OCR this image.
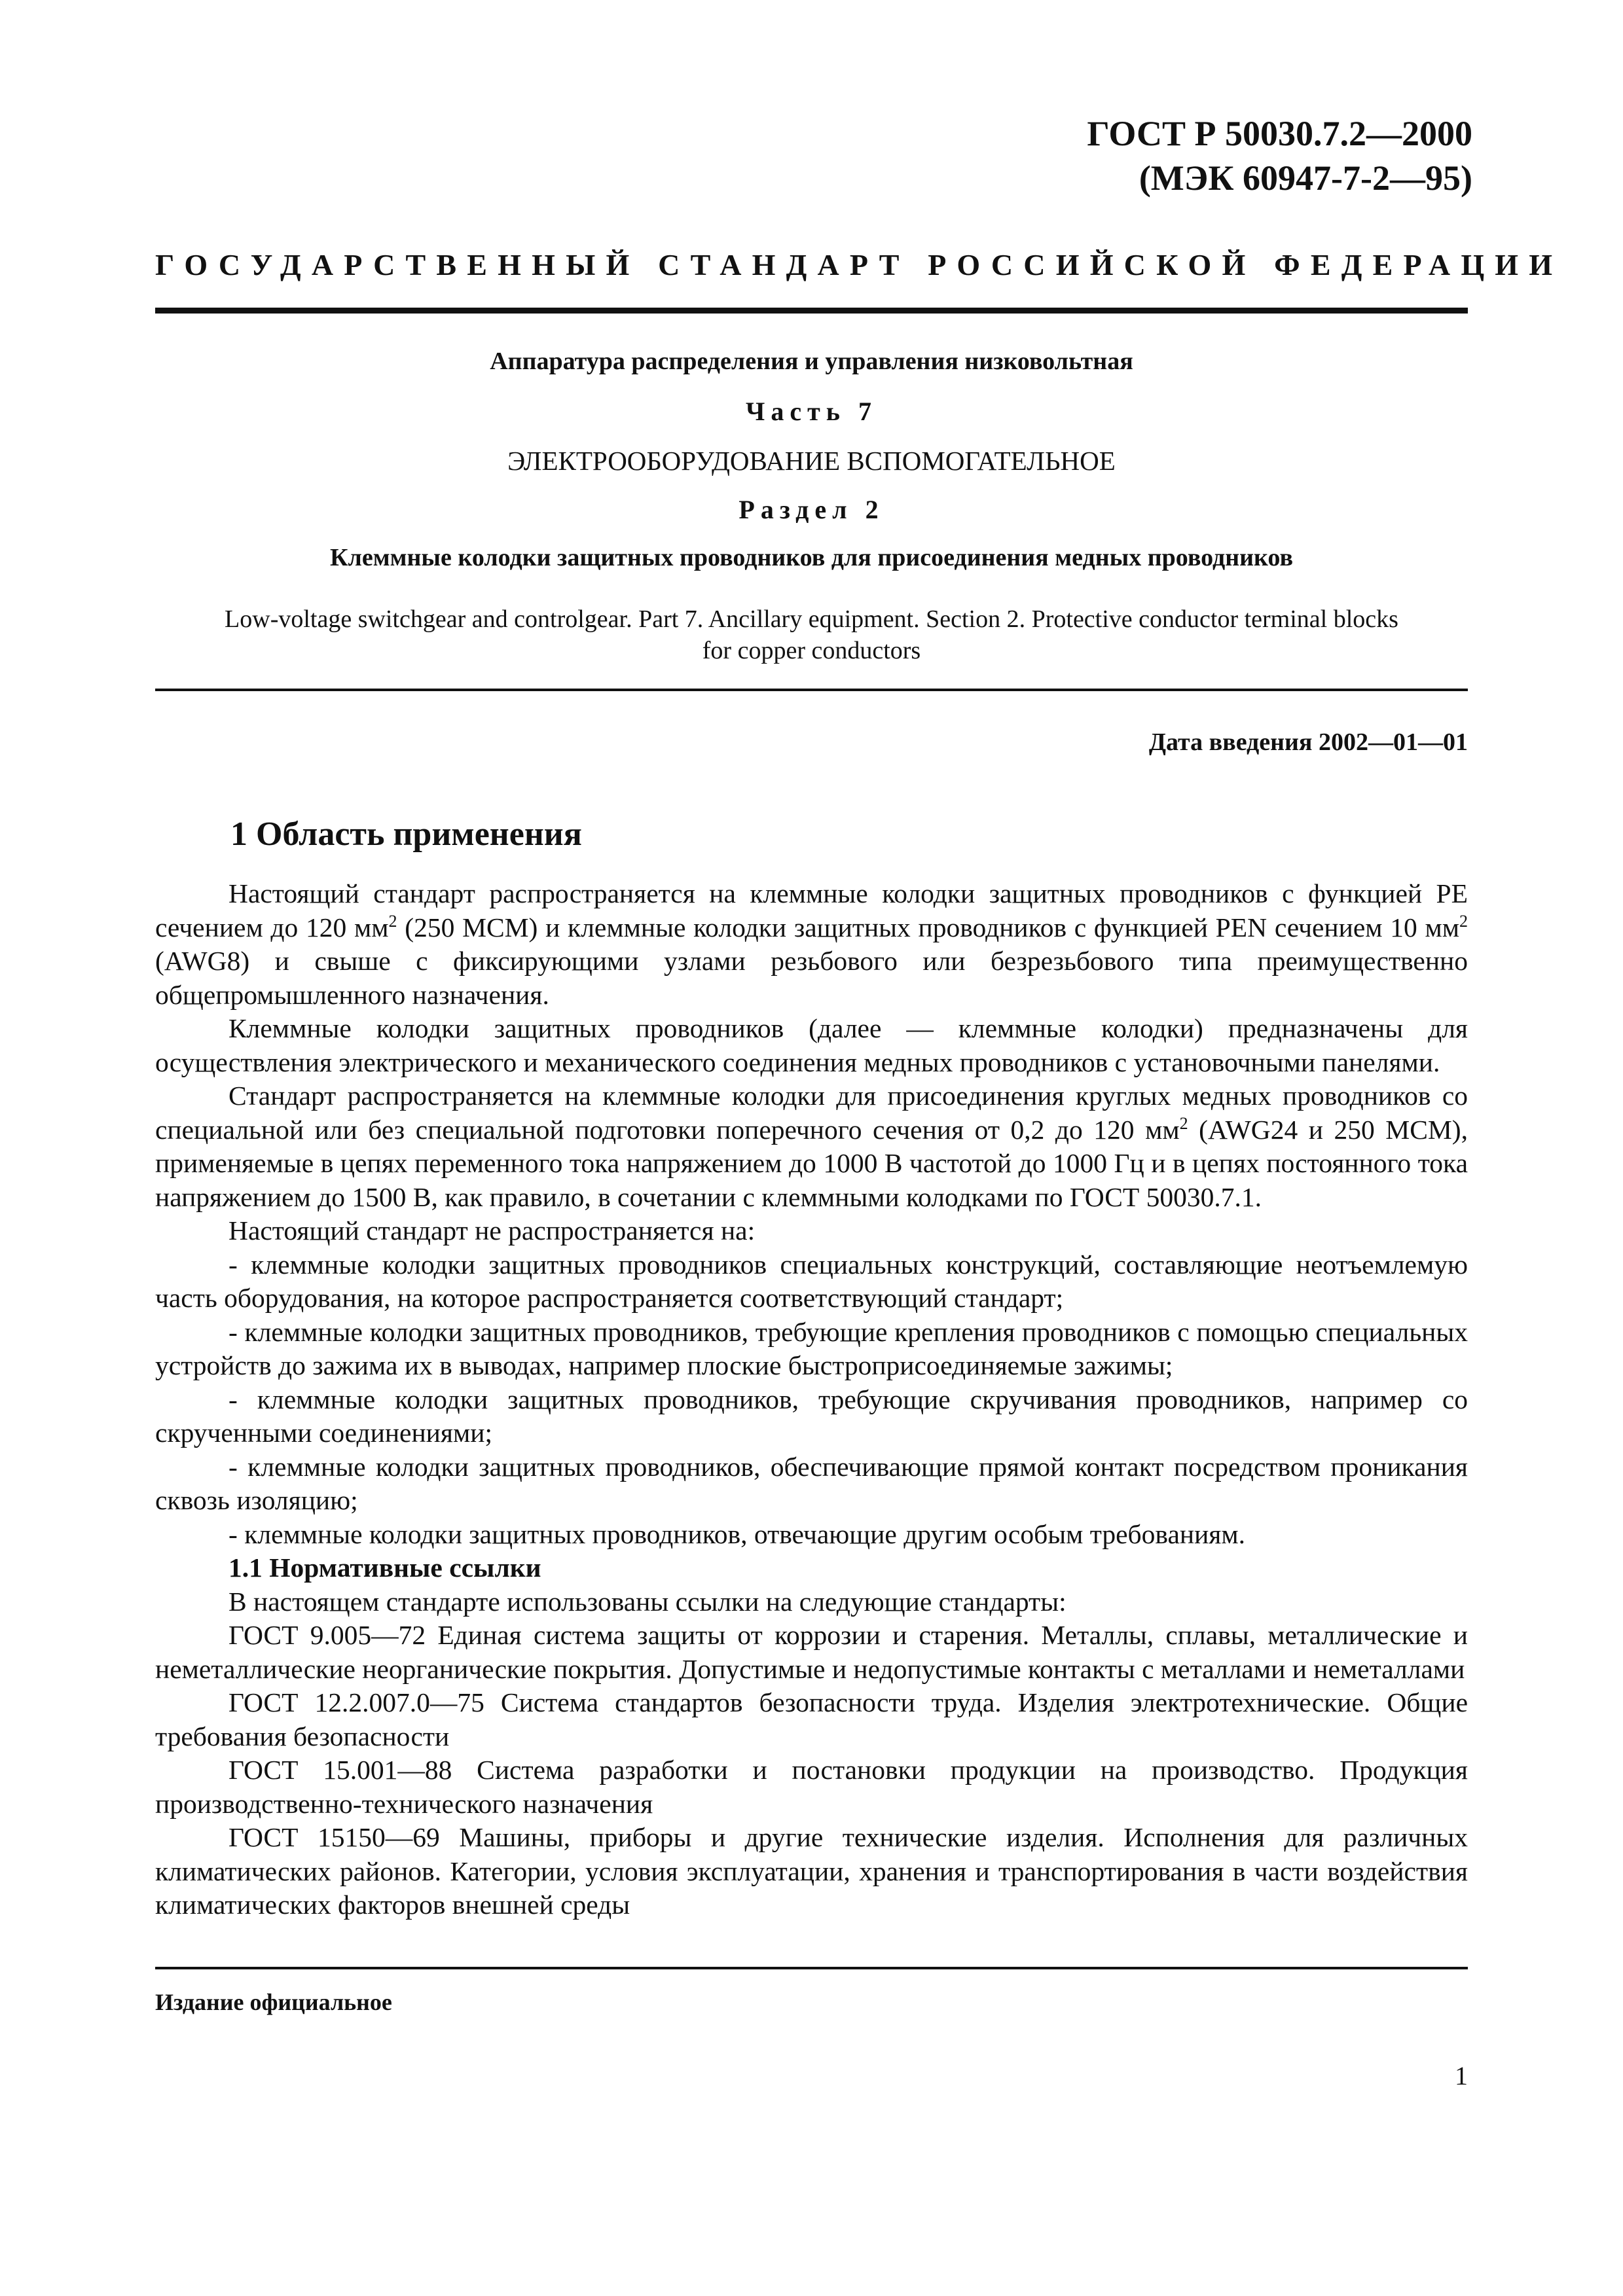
ГОСТ Р 50030.7.2—2000
(МЭК 60947-7-2—95)
ГОСУДАРСТВЕННЫЙ СТАНДАРТ РОССИЙСКОЙ ФЕДЕРАЦИИ
Аппаратура распределения и управления низковольтная
Часть 7
ЭЛЕКТРООБОРУДОВАНИЕ ВСПОМОГАТЕЛЬНОЕ
Раздел 2
Клеммные колодки защитных проводников для присоединения медных проводников
Low-voltage switchgear and controlgear. Part 7. Ancillary equipment. Section 2. Protective conductor terminal blocks
for copper conductors
Дата введения 2002—01—01
1 Область применения

Настоящий стандарт распространяется на клеммные колодки защитных проводников с функцией PE сечением до 120 $мм^2$ (250 MCM) и клеммные колодки защитных проводников с функцией PEN сечением 10 $мм^2$ (AWG8) и свыше с фиксирующими узлами резьбового или безрезьбового типа преимущественно общепромышленного назначения.

Клеммные колодки защитных проводников (далее — клеммные колодки) предназначены для осуществления электрического и механического соединения медных проводников с установочными панелями.

Стандарт распространяется на клеммные колодки для присоединения круглых медных проводников со специальной или без специальной подготовки поперечного сечения от 0,2 до 120 $мм^2$ (AWG24 и 250 MCM), применяемые в цепях переменного тока напряжением до 1000 В частотой до 1000 Гц и в цепях постоянного тока напряжением до 1500 В, как правило, в сочетании с клеммными колодками по ГОСТ 50030.7.1.

Настоящий стандарт не распространяется на:

- клеммные колодки защитных проводников специальных конструкций, составляющие неотъемлемую часть оборудования, на которое распространяется соответствующий стандарт;

- клеммные колодки защитных проводников, требующие крепления проводников с помощью специальных устройств до зажима их в выводах, например плоские быстроприсоединяемые зажимы;

- клеммные колодки защитных проводников, требующие скручивания проводников, например со скрученными соединениями;

- клеммные колодки защитных проводников, обеспечивающие прямой контакт посредством проникания сквозь изоляцию;

- клеммные колодки защитных проводников, отвечающие другим особым требованиям.

1.1 Нормативные ссылки

В настоящем стандарте использованы ссылки на следующие стандарты:

ГОСТ 9.005—72 Единая система защиты от коррозии и старения. Металлы, сплавы, металлические и неметаллические неорганические покрытия. Допустимые и недопустимые контакты с металлами и неметаллами

ГОСТ 12.2.007.0—75 Система стандартов безопасности труда. Изделия электротехнические. Общие требования безопасности

ГОСТ 15.001—88 Система разработки и постановки продукции на производство. Продукция производственно-технического назначения

ГОСТ 15150—69 Машины, приборы и другие технические изделия. Исполнения для различных климатических районов. Категории, условия эксплуатации, хранения и транспортирования в части воздействия климатических факторов внешней среды

Издание официальное
1
